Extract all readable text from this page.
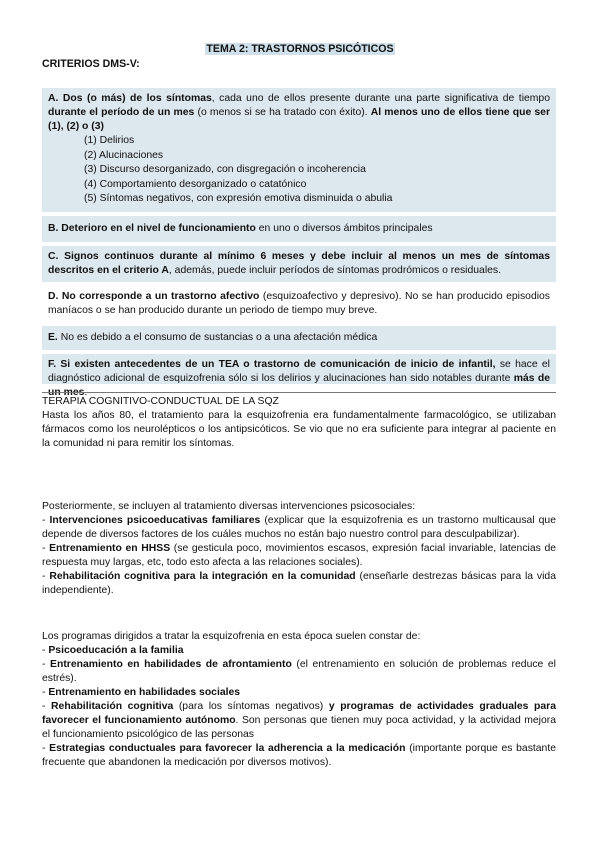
TEMA 2: TRASTORNOS PSICÓTICOS
CRITERIOS DMS-V:
A. Dos (o más) de los síntomas, cada uno de ellos presente durante una parte significativa de tiempo durante el período de un mes (o menos si se ha tratado con éxito). Al menos uno de ellos tiene que ser (1), (2) o (3)
(1) Delirios
(2) Alucinaciones
(3) Discurso desorganizado, con disgregación o incoherencia
(4) Comportamiento desorganizado o catatónico
(5) Síntomas negativos, con expresión emotiva disminuida o abulia
B. Deterioro en el nivel de funcionamiento en uno o diversos ámbitos principales
C. Signos continuos durante al mínimo 6 meses y debe incluir al menos un mes de síntomas descritos en el criterio A, además, puede incluir períodos de síntomas prodrómicos o residuales.
D. No corresponde a un trastorno afectivo (esquizoafectivo y depresivo). No se han producido episodios maníacos o se han producido durante un periodo de tiempo muy breve.
E. No es debido a el consumo de sustancias o a una afectación médica
F. Si existen antecedentes de un TEA o trastorno de comunicación de inicio de infantil, se hace el diagnóstico adicional de esquizofrenia sólo si los delirios y alucinaciones han sido notables durante más de un mes.
TERAPIA COGNITIVO-CONDUCTUAL DE LA SQZ
Hasta los años 80, el tratamiento para la esquizofrenia era fundamentalmente farmacológico, se utilizaban fármacos como los neurolépticos o los antipsicóticos. Se vio que no era suficiente para integrar al paciente en la comunidad ni para remitir los síntomas.
Posteriormente, se incluyen al tratamiento diversas intervenciones psicosociales:
- Intervenciones psicoeducativas familiares (explicar que la esquizofrenia es un trastorno multicausal que depende de diversos factores de los cuáles muchos no están bajo nuestro control para desculpabilizar).
- Entrenamiento en HHSS (se gesticula poco, movimientos escasos, expresión facial invariable, latencias de respuesta muy largas, etc, todo esto afecta a las relaciones sociales).
- Rehabilitación cognitiva para la integración en la comunidad (enseñarle destrezas básicas para la vida independiente).
Los programas dirigidos a tratar la esquizofrenia en esta época suelen constar de:
- Psicoeducación a la familia
- Entrenamiento en habilidades de afrontamiento (el entrenamiento en solución de problemas reduce el estrés).
- Entrenamiento en habilidades sociales
- Rehabilitación cognitiva (para los síntomas negativos) y programas de actividades graduales para favorecer el funcionamiento autónomo. Son personas que tienen muy poca actividad, y la actividad mejora el funcionamiento psicológico de las personas
- Estrategias conductuales para favorecer la adherencia a la medicación (importante porque es bastante frecuente que abandonen la medicación por diversos motivos).
